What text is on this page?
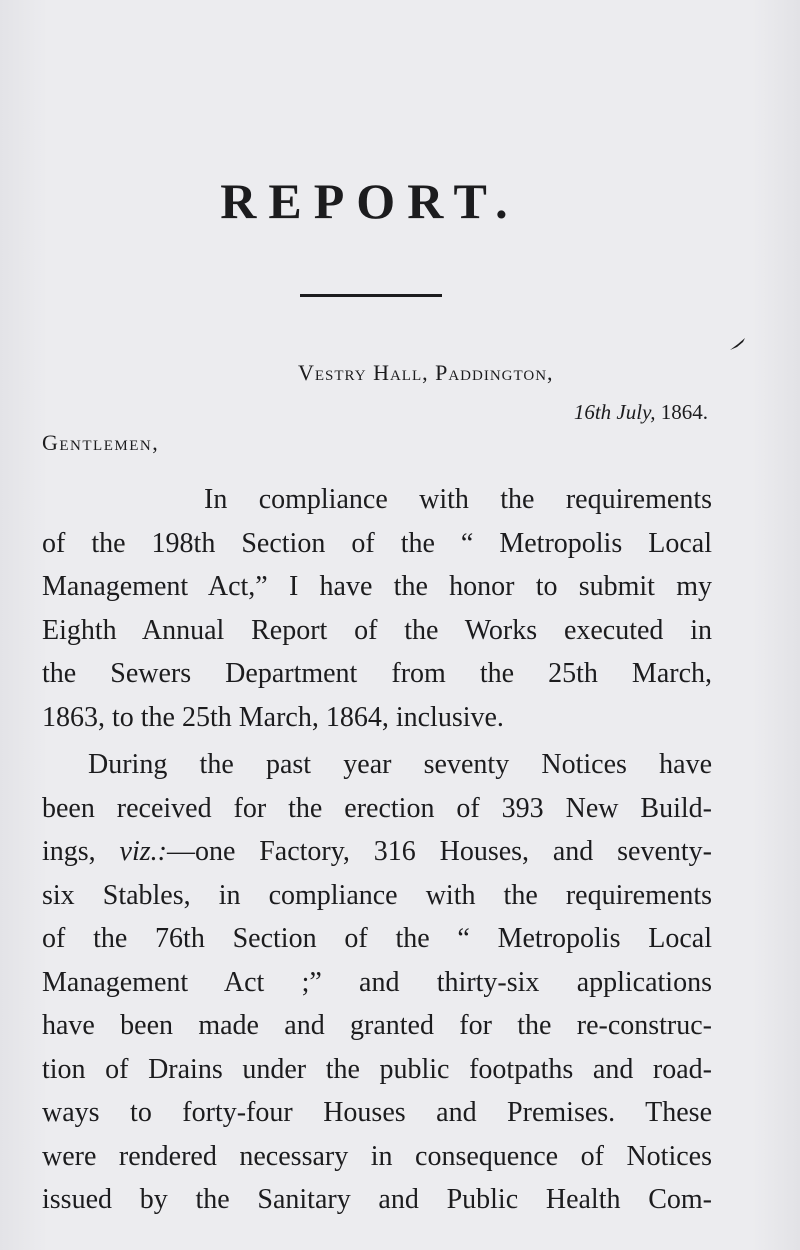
REPORT.
Vestry Hall, Paddington,
16th July, 1864.
Gentlemen,
In compliance with the requirements
of the 198th Section of the “ Metropolis Local
Management Act,” I have the honor to submit my
Eighth Annual Report of the Works executed in
the Sewers Department from the 25th March,
1863, to the 25th March, 1864, inclusive.
During the past year seventy Notices have
been received for the erection of 393 New Build-
ings, viz.:—one Factory, 316 Houses, and seventy-
six Stables, in compliance with the requirements
of the 76th Section of the “ Metropolis Local
Management Act ;” and thirty-six applications
have been made and granted for the re-construc-
tion of Drains under the public footpaths and road-
ways to forty-four Houses and Premises. These
were rendered necessary in consequence of Notices
issued by the Sanitary and Public Health Com-
